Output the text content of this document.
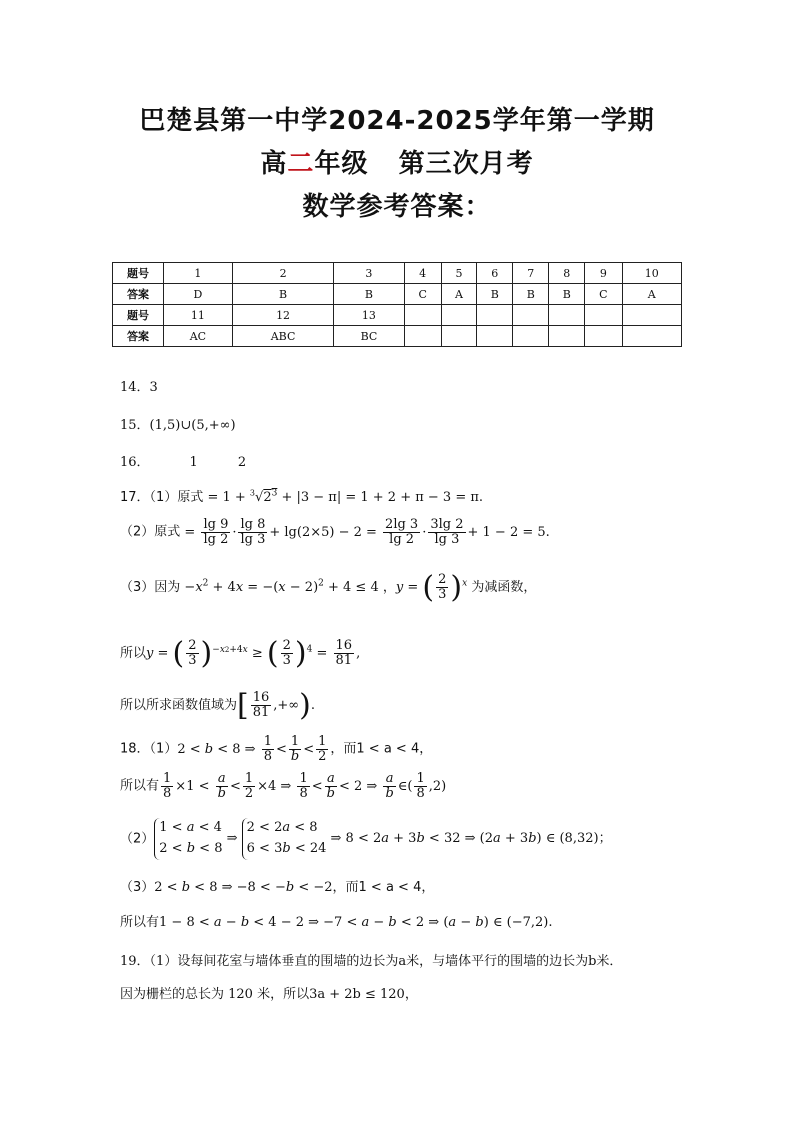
巴楚县第一中学2024-2025学年第一学期
高二年级   第三次月考
数学参考答案：
题号	1	2	3	4	5	6	7	8	9	10
答案	D	B	B	C	A	B	B	B	C	A
题号	11	12	13							
答案	AC	ABC	BC							
14．3
15．(1,5)∪(5,+∞)
16．	1	2
17．（1）原式 = $1 + ^3√2^3 + |3 - \pi| = 1 + 2 + \pi - 3 = \pi$.
（2）原式 = $\frac{\lg 9}{\lg 2} \cdot \frac{\lg 8}{\lg 3} + \lg(2\times 5) - 2 = \frac{2\lg 3}{\lg 2} \cdot \frac{3\lg 2}{\lg 3} + 1 - 2 = 5$.
（3）因为 $-x^2 + 4x = -(x - 2)^2 + 4 \le 4$ ，y = ( $\frac{2}{3} )^x$ 为减函数，
所以y = ( $\frac{2}{3} )^{-x2+4x}$ ≥ ( $\frac{2}{3} )^4 = \frac{16}{81}$ ,
所以所求函数值域为[ $\frac{16}{81}$ ,+∞).
18．（1）2 < b < 8 ⇒ $\frac{1}{8} < \frac{1}{b} < \frac{1}{2}$ ，而1 < a < 4，
所以有 $\frac{1}{8} \times 1 < \frac{a}{b} < \frac{1}{2} \times 4$ ⇒ $\frac{1}{8} < \frac{a}{b} < 2$ ⇒ $\frac{a}{b}$ ∈( $\frac{1}{8} ,2$)
（2）1 < a < 4
2 < b < 8 ⇒ 2 < 2a < 8
6 < 3b < 24 ⇒ 8 < 2a + 3b < 32 ⇒ (2a + 3b) ∈ (8,32)；
（3）2 < b < 8 ⇒ −8 < −b < −2，而1 < a < 4，
所以有1 − 8 < a − b < 4 − 2 ⇒ −7 < a − b < 2 ⇒ (a − b) ∈ (−7,2).
19．（1）设每间花室与墙体垂直的围墙的边长为a米，与墙体平行的围墙的边长为b米．
因为栅栏的总长为 120 米，所以3a + 2b ≤ 120，
